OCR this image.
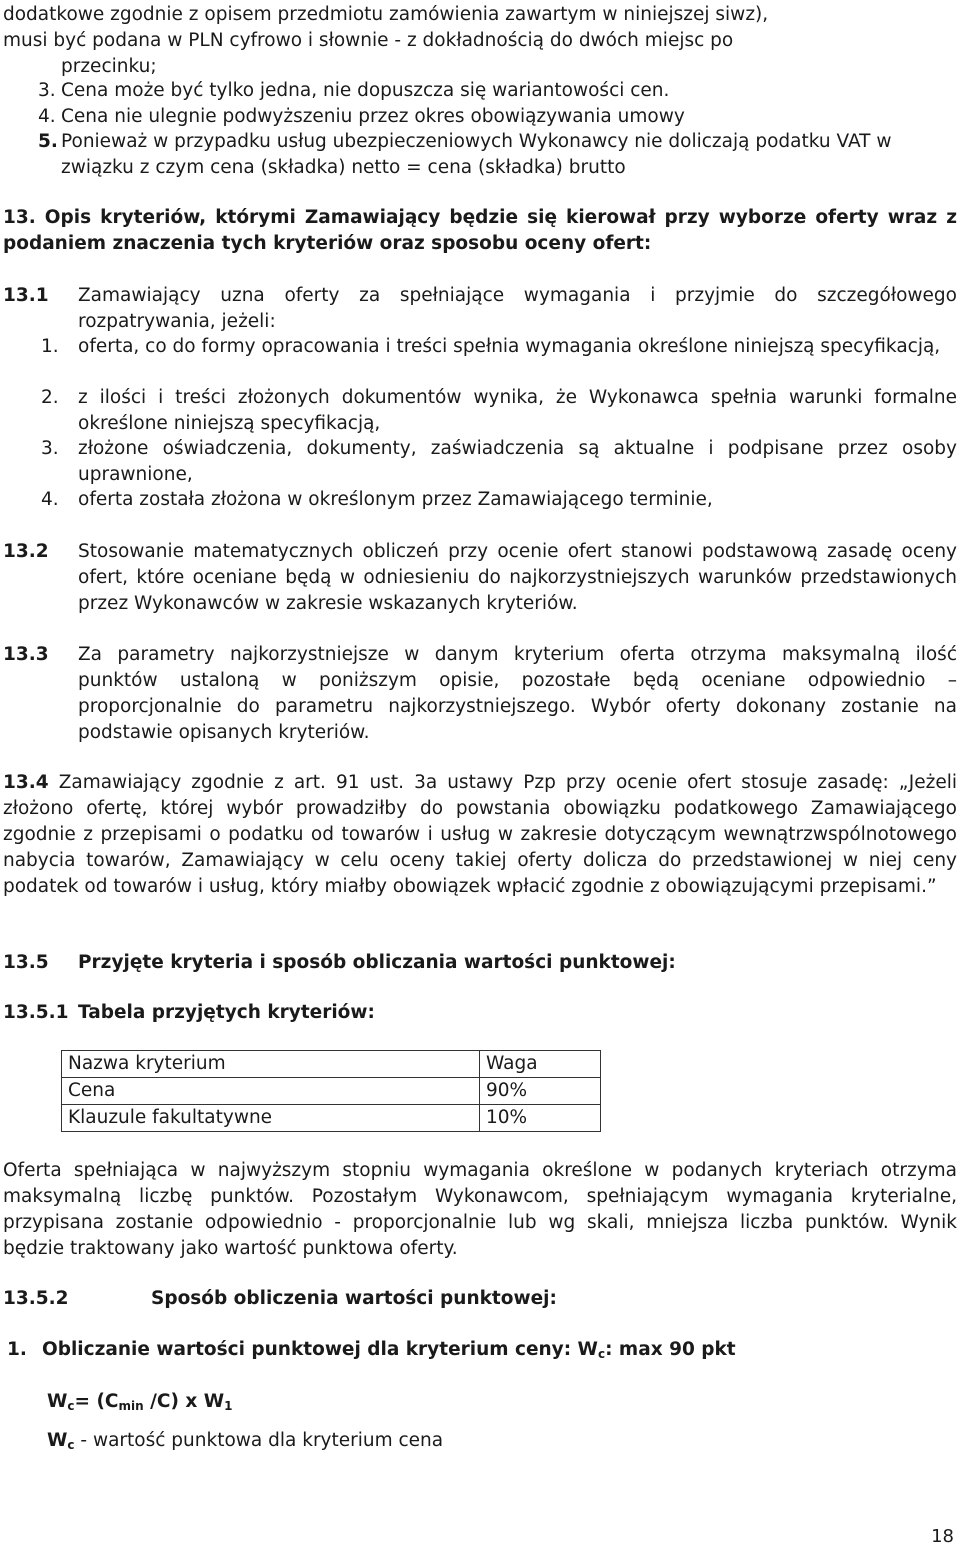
dodatkowe zgodnie z opisem przedmiotu zamówienia zawartym w niniejszej siwz),

musi być podana w PLN cyfrowo i słownie - z dokładnością do dwóch miejsc po

przecinku;

3. Cena może być tylko jedna, nie dopuszcza się wariantowości cen.
4. Cena nie ulegnie podwyższeniu przez okres obowiązywania umowy
5. Ponieważ w przypadku usług ubezpieczeniowych Wykonawcy nie doliczają podatku VAT w związku z czym cena (składka) netto = cena (składka) brutto

13. Opis kryteriów, którymi Zamawiający będzie się kierował przy wyborze oferty wraz z podaniem znaczenia tych kryteriów oraz sposobu oceny ofert:

13.1	Zamawiający uzna oferty za spełniające wymagania i przyjmie do szczegółowego rozpatrywania, jeżeli:
1.	oferta, co do formy opracowania i treści spełnia wymagania określone niniejszą specyfikacją,
2.	z ilości i treści złożonych dokumentów wynika, że Wykonawca spełnia warunki formalne określone niniejszą specyfikacją,
3.	złożone oświadczenia, dokumenty, zaświadczenia są aktualne i podpisane przez osoby uprawnione,
4.	oferta została złożona w określonym przez Zamawiającego terminie,
13.2	Stosowanie matematycznych obliczeń przy ocenie ofert stanowi podstawową zasadę oceny ofert, które oceniane będą w odniesieniu do najkorzystniejszych warunków przedstawionych przez Wykonawców w zakresie wskazanych kryteriów.
13.3	Za parametry najkorzystniejsze w danym kryterium oferta otrzyma maksymalną ilość punktów ustaloną w poniższym opisie, pozostałe będą oceniane odpowiednio – proporcjonalnie do parametru najkorzystniejszego. Wybór oferty dokonany zostanie na podstawie opisanych kryteriów.

13.4 Zamawiający zgodnie z art. 91 ust. 3a ustawy Pzp przy ocenie ofert stosuje zasadę: „Jeżeli złożono ofertę, której wybór prowadziłby do powstania obowiązku podatkowego Zamawiającego zgodnie z przepisami o podatku od towarów i usług w zakresie dotyczącym wewnątrzwspólnotowego nabycia towarów, Zamawiający w celu oceny takiej oferty dolicza do przedstawionej w niej ceny podatek od towarów i usług, który miałby obowiązek wpłacić zgodnie z obowiązującymi przepisami.”

13.5	Przyjęte kryteria i sposób obliczania wartości punktowej:
13.5.1 Tabela przyjętych kryteriów:
Nazwa kryterium	Waga
Cena	90%
Klauzule fakultatywne	10%

Oferta spełniająca w najwyższym stopniu wymagania określone w podanych kryteriach otrzyma maksymalną liczbę punktów. Pozostałym Wykonawcom, spełniającym wymagania kryterialne, przypisana zostanie odpowiednio - proporcjonalnie lub wg skali, mniejsza liczba punktów. Wynik będzie traktowany jako wartość punktowa oferty.

13.5.2	Sposób obliczenia wartości punktowej:
1. Obliczanie wartości punktowej dla kryterium ceny: $W_c$: max 90 pkt

$W_c= (C_{min}$ /C) x $W_1$

$W_c$ - wartość punktowa dla kryterium cena

18
